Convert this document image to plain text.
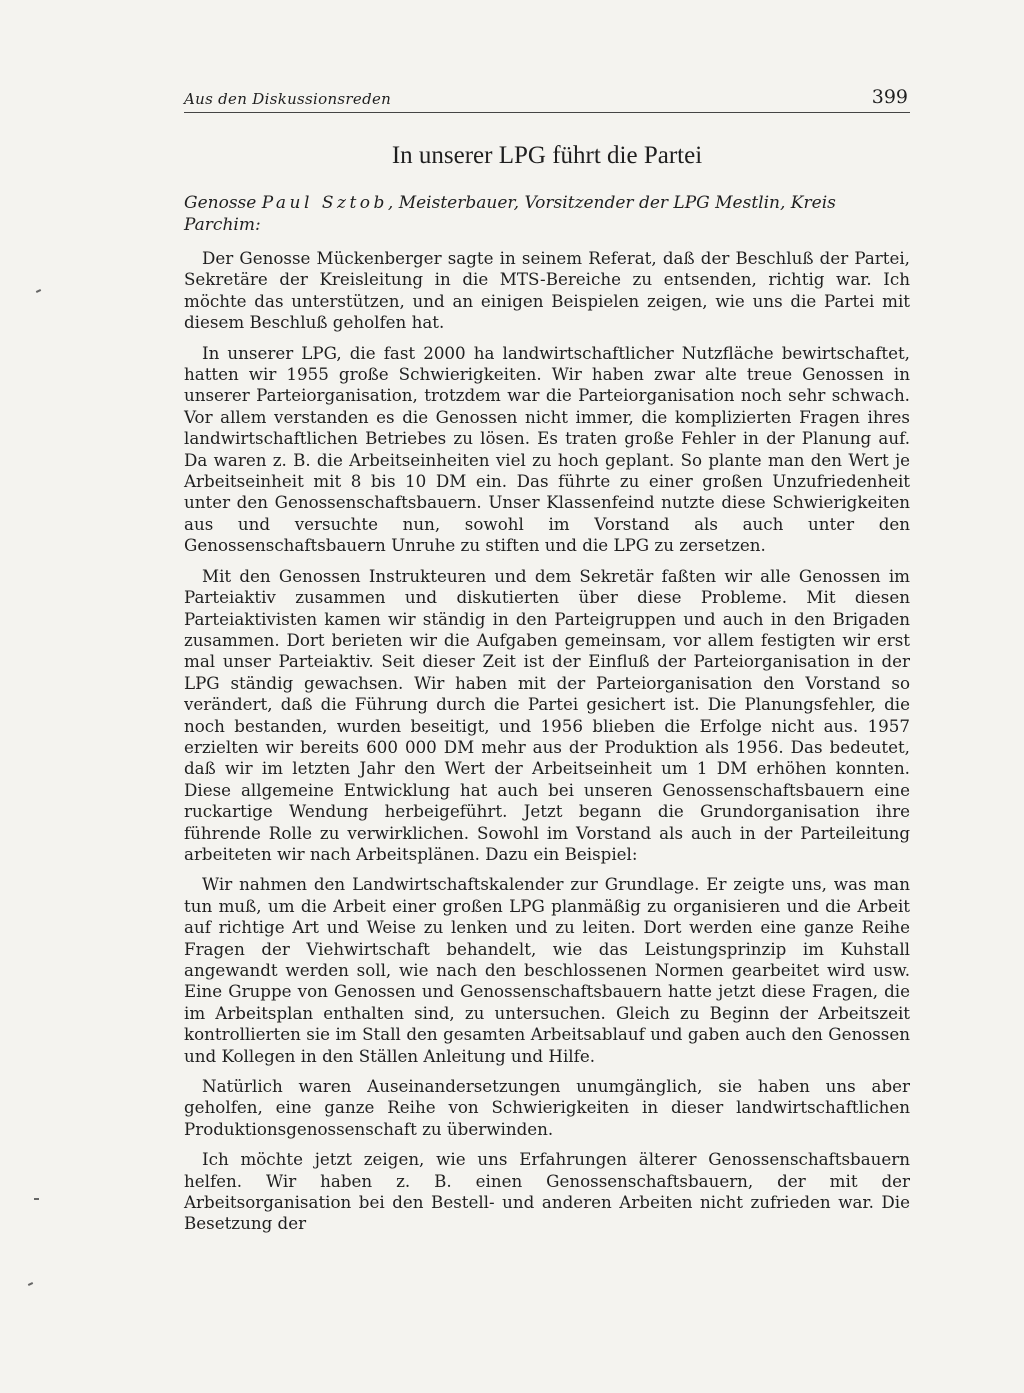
Aus den Diskussionsreden	399
In unserer LPG führt die Partei

Genosse Paul Sztob, Meisterbauer, Vorsitzender der LPG Mestlin, Kreis Parchim:

Der Genosse Mückenberger sagte in seinem Referat, daß der Beschluß der Partei, Sekretäre der Kreisleitung in die MTS-Bereiche zu entsenden, richtig war. Ich möchte das unterstützen, und an einigen Beispielen zeigen, wie uns die Partei mit diesem Beschluß geholfen hat.

In unserer LPG, die fast 2000 ha landwirtschaftlicher Nutzfläche bewirtschaftet, hatten wir 1955 große Schwierigkeiten. Wir haben zwar alte treue Genossen in unserer Parteiorganisation, trotzdem war die Parteiorganisation noch sehr schwach. Vor allem verstanden es die Genossen nicht immer, die komplizierten Fragen ihres landwirtschaftlichen Betriebes zu lösen. Es traten große Fehler in der Planung auf. Da waren z. B. die Arbeitseinheiten viel zu hoch geplant. So plante man den Wert je Arbeitseinheit mit 8 bis 10 DM ein. Das führte zu einer großen Unzufriedenheit unter den Genossenschaftsbauern. Unser Klassenfeind nutzte diese Schwierigkeiten aus und versuchte nun, sowohl im Vorstand als auch unter den Genossenschaftsbauern Unruhe zu stiften und die LPG zu zersetzen.

Mit den Genossen Instrukteuren und dem Sekretär faßten wir alle Genossen im Parteiaktiv zusammen und diskutierten über diese Probleme. Mit diesen Parteiaktivisten kamen wir ständig in den Parteigruppen und auch in den Brigaden zusammen. Dort berieten wir die Aufgaben gemeinsam, vor allem festigten wir erst mal unser Parteiaktiv. Seit dieser Zeit ist der Einfluß der Parteiorganisation in der LPG ständig gewachsen. Wir haben mit der Parteiorganisation den Vorstand so verändert, daß die Führung durch die Partei gesichert ist. Die Planungsfehler, die noch bestanden, wurden beseitigt, und 1956 blieben die Erfolge nicht aus. 1957 erzielten wir bereits 600 000 DM mehr aus der Produktion als 1956. Das bedeutet, daß wir im letzten Jahr den Wert der Arbeitseinheit um 1 DM erhöhen konnten. Diese allgemeine Entwicklung hat auch bei unseren Genossenschaftsbauern eine ruckartige Wendung herbeigeführt. Jetzt begann die Grundorganisation ihre führende Rolle zu verwirklichen. Sowohl im Vorstand als auch in der Parteileitung arbeiteten wir nach Arbeitsplänen. Dazu ein Beispiel:

Wir nahmen den Landwirtschaftskalender zur Grundlage. Er zeigte uns, was man tun muß, um die Arbeit einer großen LPG planmäßig zu organisieren und die Arbeit auf richtige Art und Weise zu lenken und zu leiten. Dort werden eine ganze Reihe Fragen der Viehwirtschaft behandelt, wie das Leistungsprinzip im Kuhstall angewandt werden soll, wie nach den beschlossenen Normen gearbeitet wird usw. Eine Gruppe von Genossen und Genossenschaftsbauern hatte jetzt diese Fragen, die im Arbeitsplan enthalten sind, zu untersuchen. Gleich zu Beginn der Arbeitszeit kontrollierten sie im Stall den gesamten Arbeitsablauf und gaben auch den Genossen und Kollegen in den Ställen Anleitung und Hilfe.

Natürlich waren Auseinandersetzungen unumgänglich, sie haben uns aber geholfen, eine ganze Reihe von Schwierigkeiten in dieser landwirtschaftlichen Produktionsgenossenschaft zu überwinden.

Ich möchte jetzt zeigen, wie uns Erfahrungen älterer Genossenschaftsbauern helfen. Wir haben z. B. einen Genossenschaftsbauern, der mit der Arbeitsorganisation bei den Bestell- und anderen Arbeiten nicht zufrieden war. Die Besetzung der
